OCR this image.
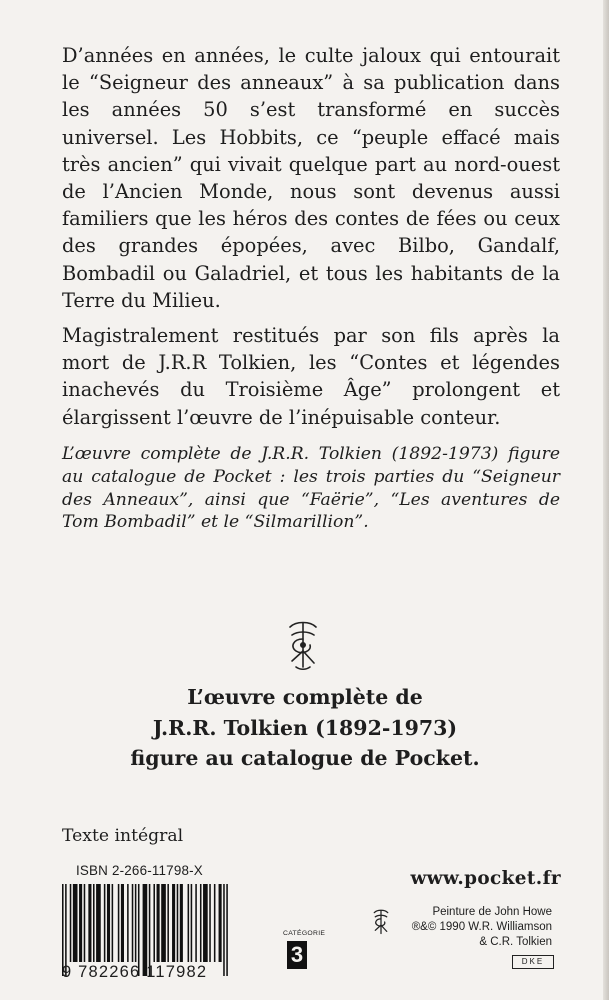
D’années en années, le culte jaloux qui entourait le “Seigneur des anneaux” à sa publication dans les années 50 s’est transformé en succès universel. Les Hobbits, ce “peuple effacé mais très ancien” qui vivait quelque part au nord-ouest de l’Ancien Monde, nous sont devenus aussi familiers que les héros des contes de fées ou ceux des grandes épopées, avec Bilbo, Gandalf, Bombadil ou Galadriel, et tous les habitants de la Terre du Milieu.

Magistralement restitués par son fils après la mort de J.R.R Tolkien, les “Contes et légendes inachevés du Troisième Âge” prolongent et élargissent l’œuvre de l’inépuisable conteur.

L’œuvre complète de J.R.R. Tolkien (1892-1973) figure au catalogue de Pocket : les trois parties du “Seigneur des Anneaux”, ainsi que “Faërie”, “Les aventures de Tom Bombadil” et le “Silmarillion”.
L’œuvre complète de
J.R.R. Tolkien (1892-1973)
figure au catalogue de Pocket.
Texte intégral
ISBN 2-266-11798-X
9 782266 117982
CATÉGORIE
3
www.pocket.fr
Peinture de John Howe
®&© 1990 W.R. Williamson
& C.R. Tolkien
DKE
